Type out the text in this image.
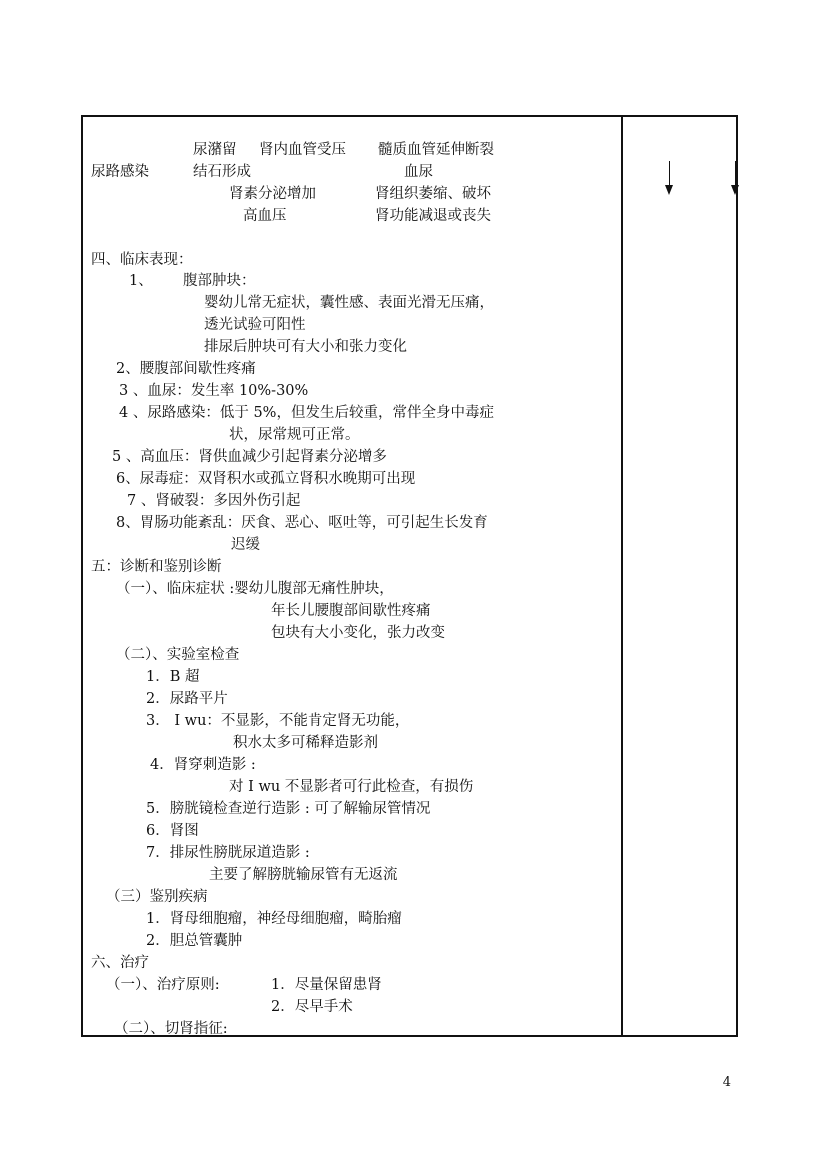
尿潴留 肾内血管受压 髓质血管延伸断裂
尿路感染	结石形成	血尿
肾素分泌增加	肾组织萎缩、破坏
高血压	肾功能减退或丧失
四、临床表现：
1、 腹部肿块：
婴幼儿常无症状，囊性感、表面光滑无压痛，
透光试验可阳性
排尿后肿块可有大小和张力变化
2、腰腹部间歇性疼痛
3 、血尿：发生率 10%-30%
4 、尿路感染：低于 5%，但发生后较重，常伴全身中毒症
状，尿常规可正常。
5 、高血压：肾供血减少引起肾素分泌增多
6、尿毒症：双肾积水或孤立肾积水晚期可出现
7 、肾破裂：多因外伤引起
8、胃肠功能紊乱：厌食、恶心、呕吐等，可引起生长发育
迟缓
五：诊断和鉴别诊断
（一）、临床症状 :婴幼儿腹部无痛性肿块，
年长儿腰腹部间歇性疼痛
包块有大小变化，张力改变
（二）、实验室检查
1．B 超
2．尿路平片
3． I wu：不显影，不能肯定肾无功能，
积水太多可稀释造影剂
4．肾穿刺造影 :
对 I wu 不显影者可行此检查，有损伤
5．膀胱镜检查逆行造影 : 可了解输尿管情况
6．肾图
7．排尿性膀胱尿道造影 :
主要了解膀胱输尿管有无返流
（三）鉴别疾病
1．肾母细胞瘤，神经母细胞瘤，畸胎瘤
2．胆总管囊肿
六、治疗
（一）、治疗原则:	1．尽量保留患肾
2．尽早手术
（二）、切肾指征:
4
